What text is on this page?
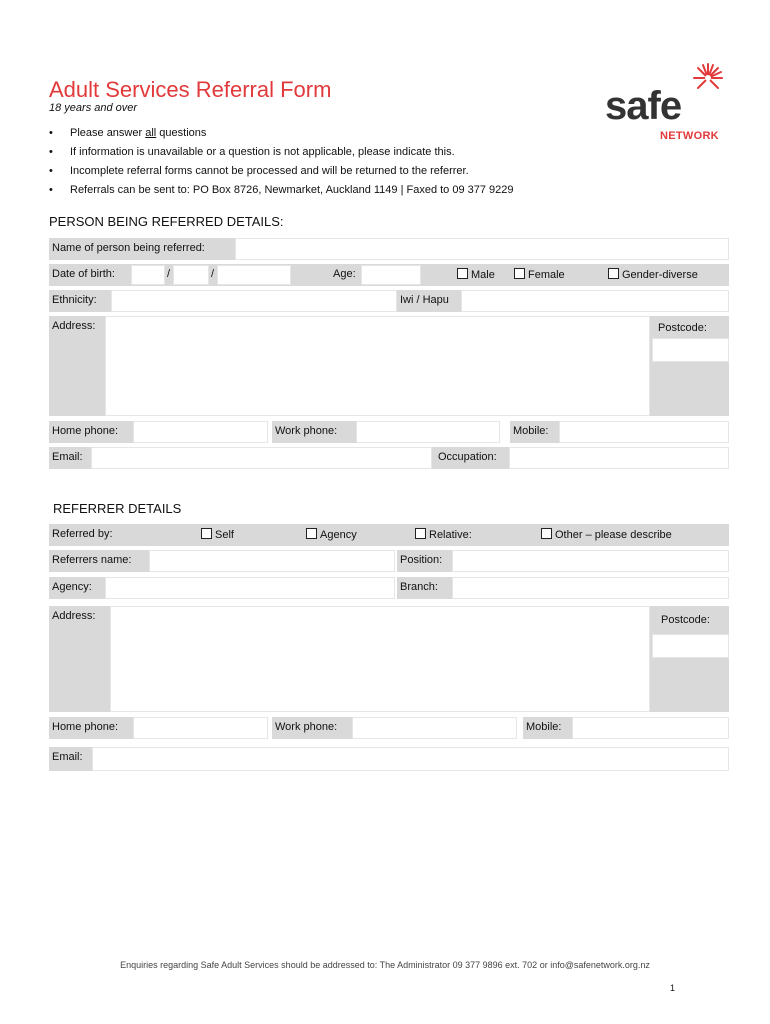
Adult Services Referral Form
18 years and over
• Please answer all questions
• If information is unavailable or a question is not applicable, please indicate this.
• Incomplete referral forms cannot be processed and will be returned to the referrer.
• Referrals can be sent to: PO Box 8726, Newmarket, Auckland 1149 | Faxed to 09 377 9229
safe
NETWORK
PERSON BEING REFERRED DETAILS:
Name of person being referred:
Date of birth:	/	/	Age:	Male	Female	Gender-diverse
Ethnicity:	Iwi / Hapu
Address:	Postcode:
Home phone:	Work phone:	Mobile:
Email:	Occupation:
REFERRER DETAILS
Referred by:	Self	Agency	Relative:	Other – please describe
Referrers name:	Position:
Agency:	Branch:
Address:	Postcode:
Home phone:	Work phone:	Mobile:
Email:
Enquiries regarding Safe Adult Services should be addressed to: The Administrator 09 377 9896 ext. 702 or info@safenetwork.org.nz
1
